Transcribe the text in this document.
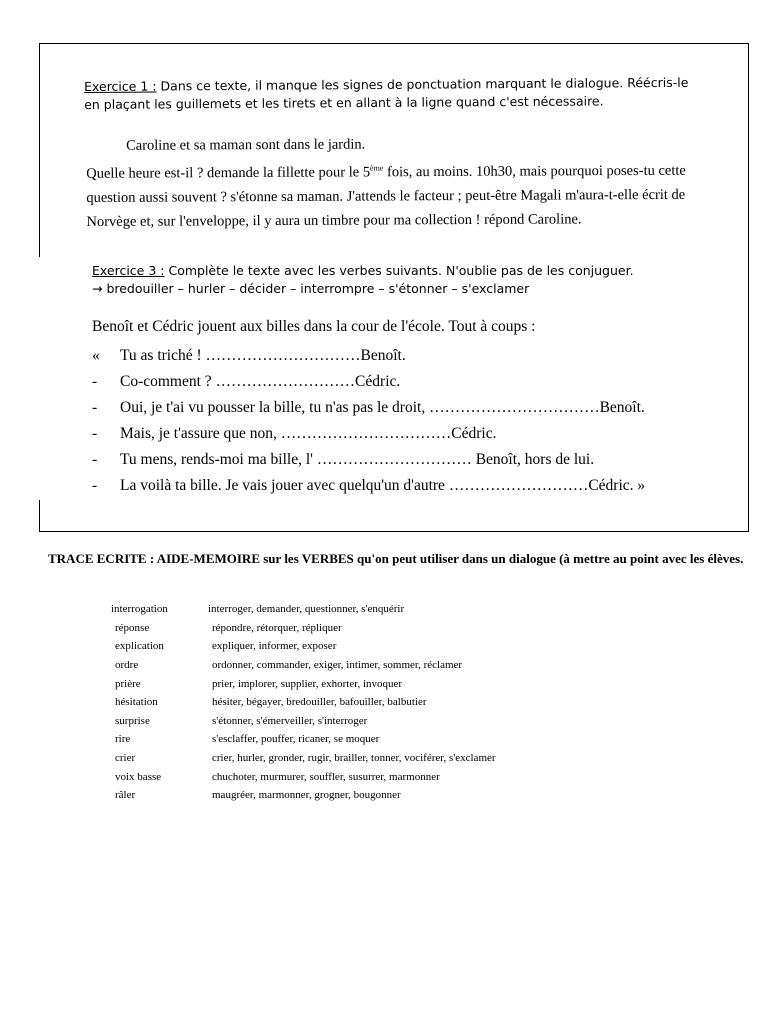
Exercice 1 : Dans ce texte, il manque les signes de ponctuation marquant le dialogue. Réécris-le en plaçant les guillemets et les tirets et en allant à la ligne quand c'est nécessaire.

Caroline et sa maman sont dans le jardin.

Quelle heure est-il ? demande la fillette pour le 5ème fois, au moins. 10h30, mais pourquoi poses-tu cette question aussi souvent ? s'étonne sa maman. J'attends le facteur ; peut-être Magali m'aura-t-elle écrit de Norvège et, sur l'enveloppe, il y aura un timbre pour ma collection ! répond Caroline.

Exercice 3 : Complète le texte avec les verbes suivants. N'oublie pas de les conjuguer.
→ bredouiller – hurler – décider – interrompre – s'étonner – s'exclamer
Benoît et Cédric jouent aux billes dans la cour de l'école. Tout à coups :
«	Tu as triché ! …………………………Benoît.
-	Co-comment ? ………………………Cédric.
-	Oui, je t'ai vu pousser la bille, tu n'as pas le droit, ……………………………Benoît.
-	Mais, je t'assure que non, ……………………………Cédric.
-	Tu mens, rends-moi ma bille, l' ………………………… Benoît, hors de lui.
-	La voilà ta bille. Je vais jouer avec quelqu'un d'autre ………………………Cédric. »
TRACE ECRITE : AIDE-MEMOIRE sur les VERBES qu'on peut utiliser dans un dialogue (à mettre au point avec les élèves.
interrogation	interroger, demander, questionner, s'enquérir
réponse	répondre, rétorquer, répliquer
explication	expliquer, informer, exposer
ordre	ordonner, commander, exiger, intimer, sommer, réclamer
prière	prier, implorer, supplier, exhorter, invoquer
hésitation	hésiter, bégayer, bredouiller, bafouiller, balbutier
surprise	s'étonner, s'émerveiller, s'interroger
rire	s'esclaffer, pouffer, ricaner, se moquer
crier	crier, hurler, gronder, rugir, brailler, tonner, vociférer, s'exclamer
voix basse	chuchoter, murmurer, souffler, susurrer, marmonner
râler	maugréer, marmonner, grogner, bougonner
